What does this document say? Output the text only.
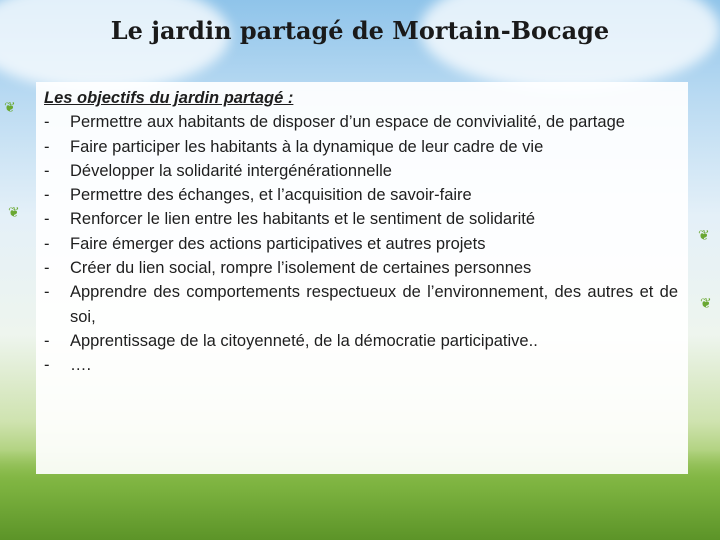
❦
❦
❦
❦
Le jardin partagé de Mortain-Bocage

Les objectifs du jardin partagé :

-	Permettre aux habitants de disposer d’un espace de convivialité, de partage
-	Faire participer les habitants à la dynamique de leur cadre de vie
-	Développer la solidarité intergénérationnelle
-	Permettre des échanges, et l’acquisition de savoir-faire
-	Renforcer le lien entre les habitants et le sentiment de solidarité
-	Faire émerger des actions participatives et autres projets
-	Créer du lien social, rompre l’isolement de certaines personnes
-	Apprendre des comportements respectueux de l’environnement, des autres et de soi,
-	Apprentissage de la citoyenneté, de la démocratie participative..
-	….
